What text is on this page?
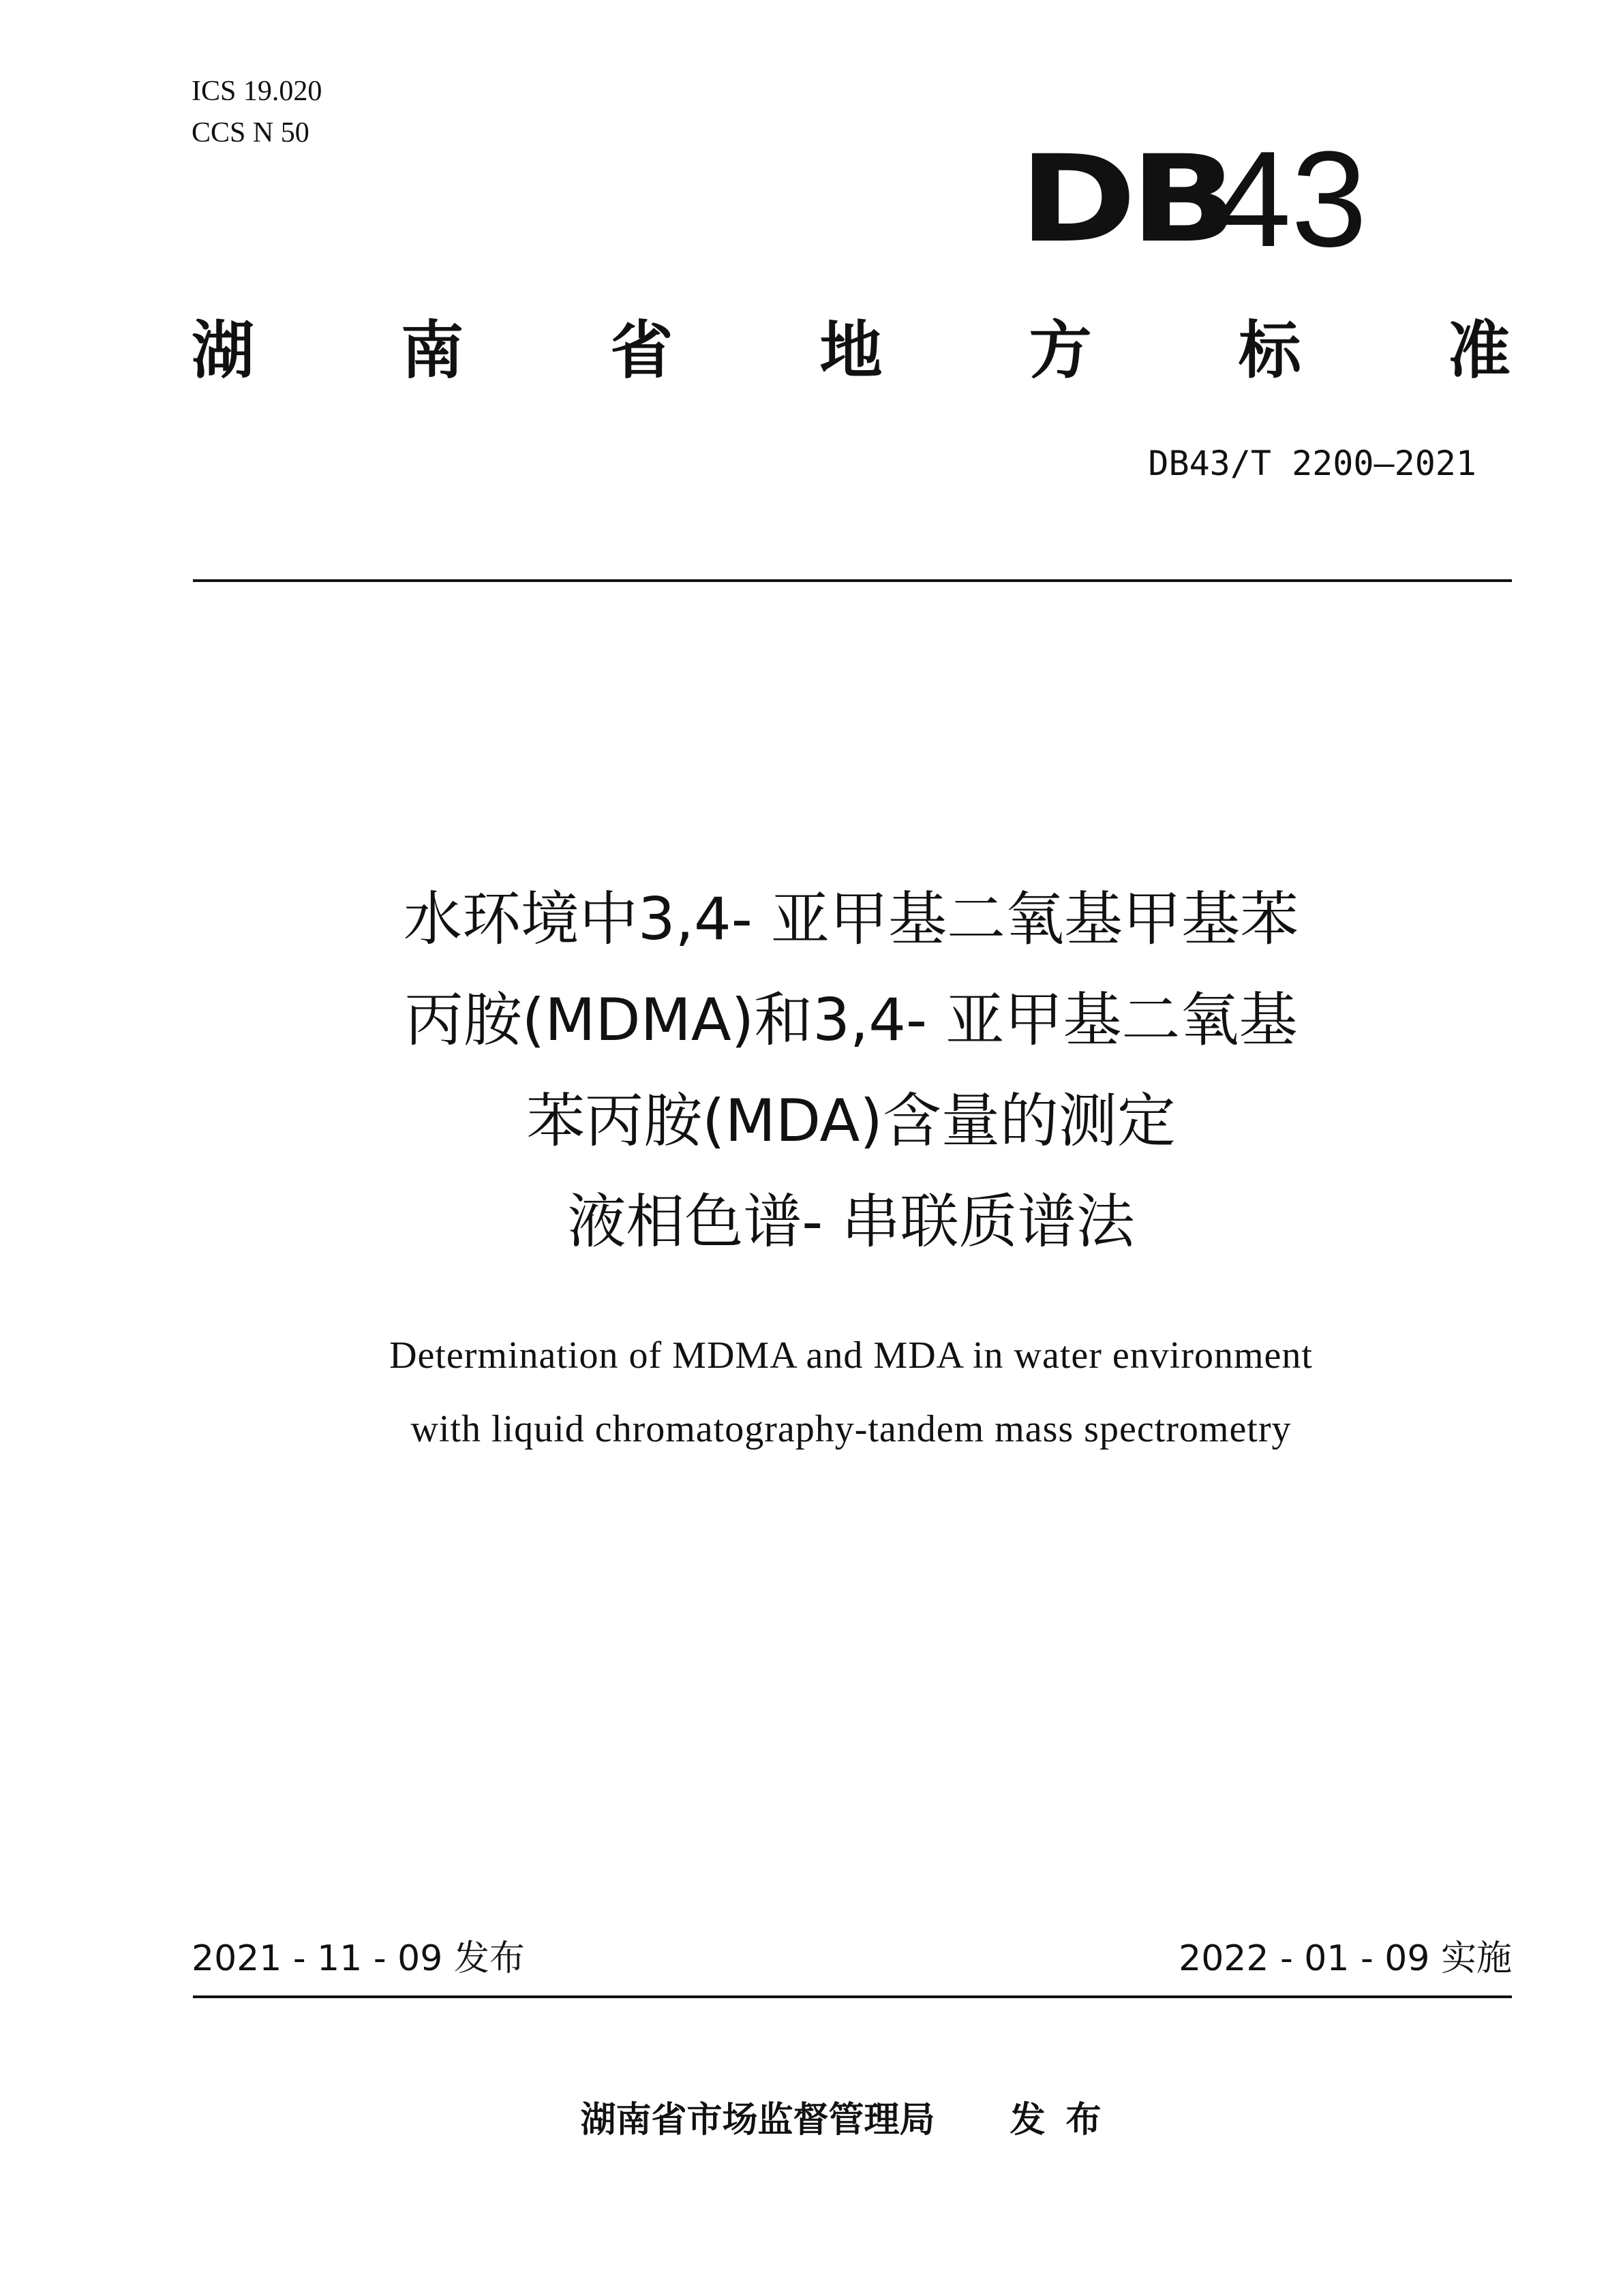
ICS 19.020
CCS N 50	DB
43
湖 南 省 地 方 标 准
DB43/T 2200—2021
水环境中3,4- 亚甲基二氧基甲基苯
丙胺(MDMA)和3,4- 亚甲基二氧基
苯丙胺(MDA)含量的测定
液相色谱- 串联质谱法
Determination of MDMA and MDA in water environment
with liquid chromatography-tandem mass spectrometry
2021 - 11 - 09 发布	2022 - 01 - 09 实施
湖南省市场监督管理局 发布
